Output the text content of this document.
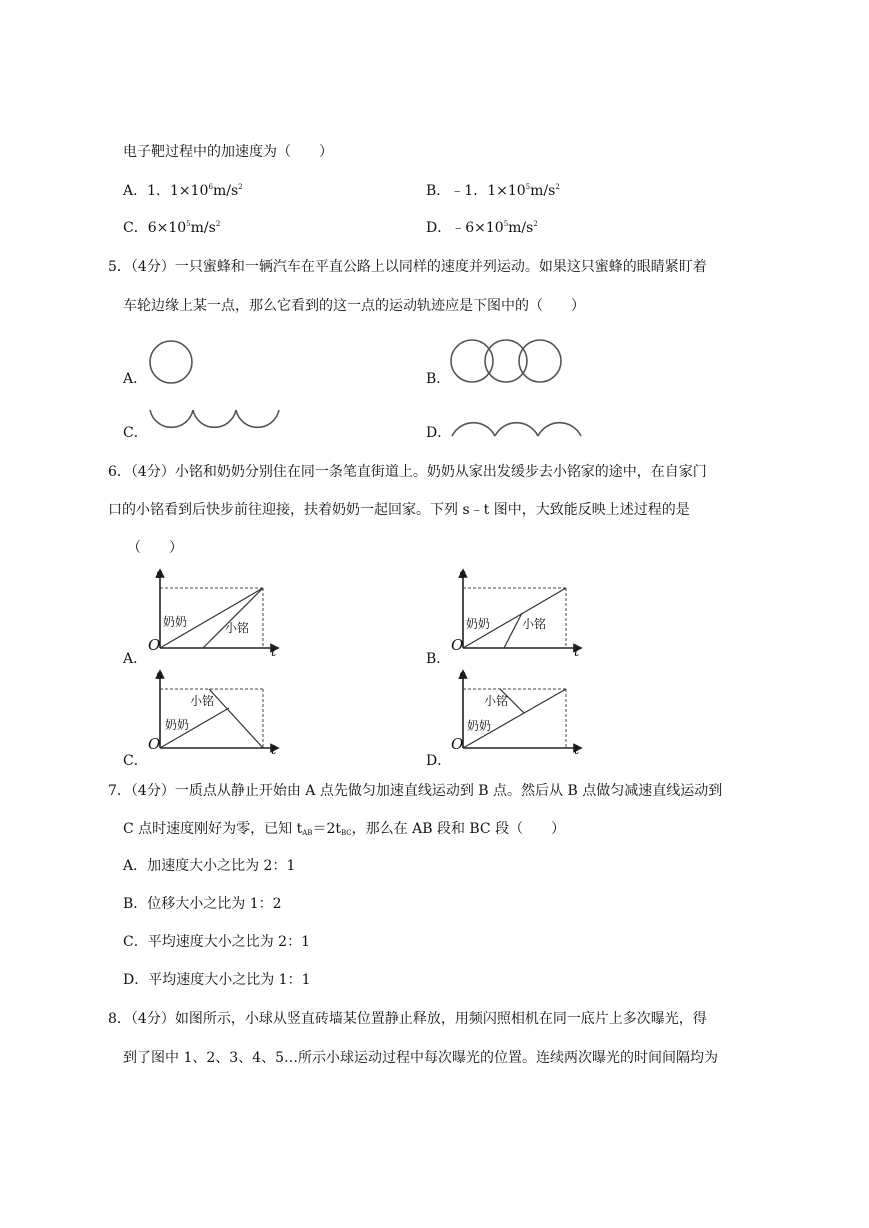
电子靶过程中的加速度为（　　）
A．1．$1\times 10^6m/s^2$	B．﹣1．$1\times 10^5m/s^2$
C．$6\times 10^5m/s^2$	D．$﹣6\times 10^5m/s^2$
5．（4分）一只蜜蜂和一辆汽车在平直公路上以同样的速度并列运动。如果这只蜜蜂的眼睛紧盯着
车轮边缘上某一点，那么它看到的这一点的运动轨迹应是下图中的（　　）
A．	B．
C．	D．
6．（4分）小铭和奶奶分别住在同一条笔直街道上。奶奶从家出发缓步去小铭家的途中，在自家门
口的小铭看到后快步前往迎接，扶着奶奶一起回家。下列 s﹣t 图中，大致能反映上述过程的是
（　　）
A．	B．
C．	D．
s
t
O
奶奶	小铭
s
t
O
奶奶	小铭
s
t
O
小铭
奶奶
s
t
O
小铭
奶奶
7．（4分）一质点从静止开始由 A 点先做匀加速直线运动到 B 点。然后从 B 点做匀减速直线运动到
C 点时速度刚好为零，已知 $t_{AB}=2t_{BC}$，那么在 AB 段和 BC 段（　　）
A．加速度大小之比为 2：1
B．位移大小之比为 1：2
C．平均速度大小之比为 2：1
D．平均速度大小之比为 1：1
8．（4分）如图所示，小球从竖直砖墙某位置静止释放，用频闪照相机在同一底片上多次曝光，得
到了图中 1、2、3、4、5…所示小球运动过程中每次曝光的位置。连续两次曝光的时间间隔均为
